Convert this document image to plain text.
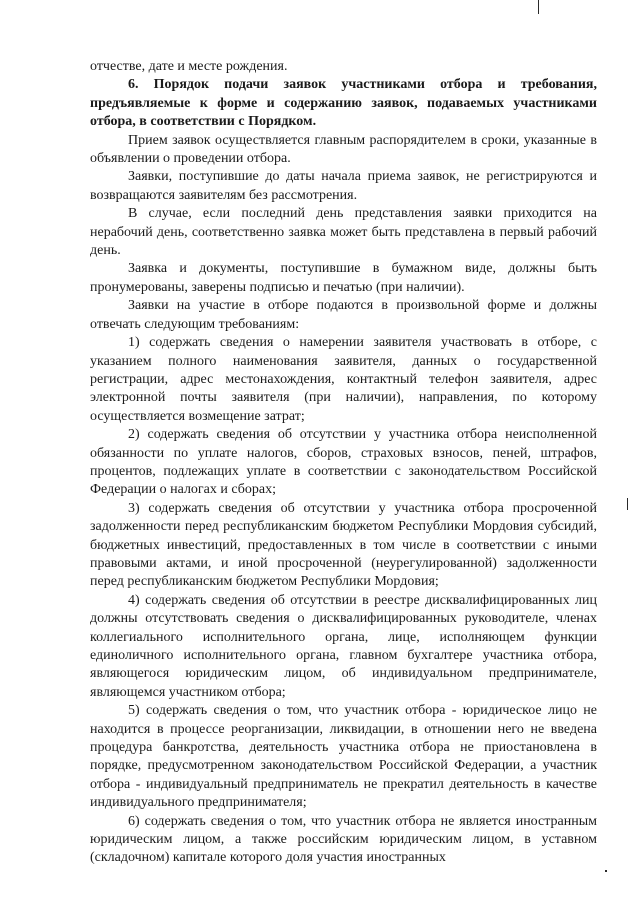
отчестве, дате и месте рождения.

6. Порядок подачи заявок участниками отбора и требования, предъявляемые к форме и содержанию заявок, подаваемых участниками отбора, в соответствии с Порядком.

Прием заявок осуществляется главным распорядителем в сроки, указанные в объявлении о проведении отбора.

Заявки, поступившие до даты начала приема заявок, не регистрируются и возвращаются заявителям без рассмотрения.

В случае, если последний день представления заявки приходится на нерабочий день, соответственно заявка может быть представлена в первый рабочий день.

Заявка и документы, поступившие в бумажном виде, должны быть пронумерованы, заверены подписью и печатью (при наличии).

Заявки на участие в отборе подаются в произвольной форме и должны отвечать следующим требованиям:

1) содержать сведения о намерении заявителя участвовать в отборе, с указанием полного наименования заявителя, данных о государственной регистрации, адрес местонахождения, контактный телефон заявителя, адрес электронной почты заявителя (при наличии), направления, по которому осуществляется возмещение затрат;

2) содержать сведения об отсутствии у участника отбора неисполненной обязанности по уплате налогов, сборов, страховых взносов, пеней, штрафов, процентов, подлежащих уплате в соответствии с законодательством Российской Федерации о налогах и сборах;

3) содержать сведения об отсутствии у участника отбора просроченной задолженности перед республиканским бюджетом Республики Мордовия субсидий, бюджетных инвестиций, предоставленных в том числе в соответствии с иными правовыми актами, и иной просроченной (неурегулированной) задолженности перед республиканским бюджетом Республики Мордовия;

4) содержать сведения об отсутствии в реестре дисквалифицированных лиц должны отсутствовать сведения о дисквалифицированных руководителе, членах коллегиального исполнительного органа, лице, исполняющем функции единоличного исполнительного органа, главном бухгалтере участника отбора, являющегося юридическим лицом, об индивидуальном предпринимателе, являющемся участником отбора;

5) содержать сведения о том, что участник отбора - юридическое лицо не находится в процессе реорганизации, ликвидации, в отношении него не введена процедура банкротства, деятельность участника отбора не приостановлена в порядке, предусмотренном законодательством Российской Федерации, а участник отбора - индивидуальный предприниматель не прекратил деятельность в качестве индивидуального предпринимателя;

6) содержать сведения о том, что участник отбора не является иностранным юридическим лицом, а также российским юридическим лицом, в уставном (складочном) капитале которого доля участия иностранных
